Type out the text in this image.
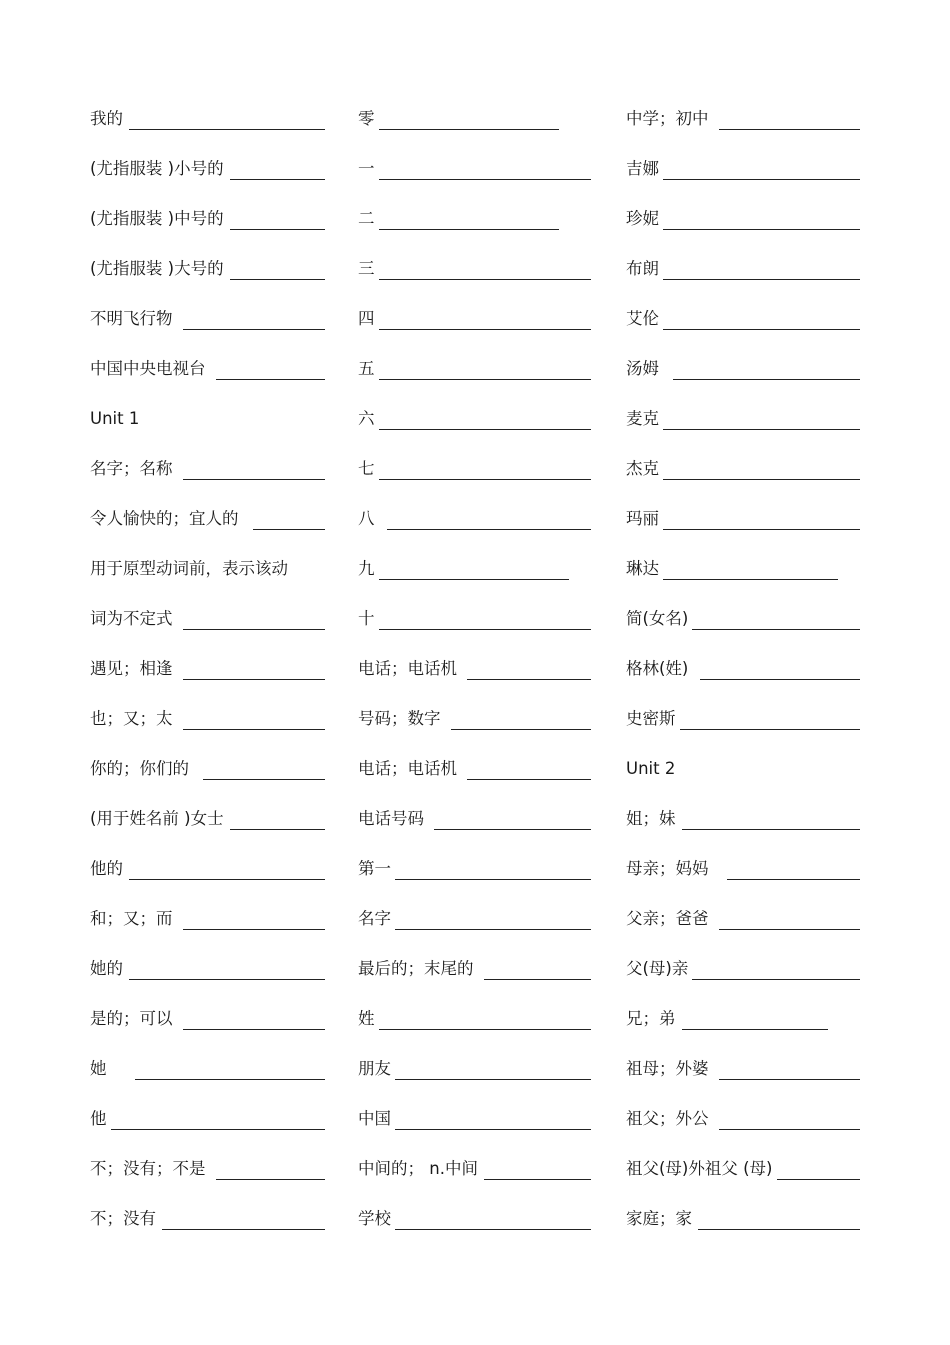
我的
(尤指服装 )小号的
(尤指服装 )中号的
(尤指服装 )大号的
不明飞行物
中国中央电视台
Unit 1
名字；名称
令人愉快的；宜人的
用于原型动词前，表示该动
词为不定式
遇见；相逢
也；又；太
你的；你们的
(用于姓名前 )女士
他的
和；又；而
她的
是的；可以
她
他
不；没有；不是
不；没有
零
一
二
三
四
五
六
七
八
九
十
电话；电话机
号码；数字
电话；电话机
电话号码
第一
名字
最后的；末尾的
姓
朋友
中国
中间的； n.中间
学校
中学；初中
吉娜
珍妮
布朗
艾伦
汤姆
麦克
杰克
玛丽
琳达
简(女名)
格林(姓)
史密斯
Unit 2
姐；妹
母亲；妈妈
父亲；爸爸
父(母)亲
兄；弟
祖母；外婆
祖父；外公
祖父(母)外祖父 (母)
家庭；家
